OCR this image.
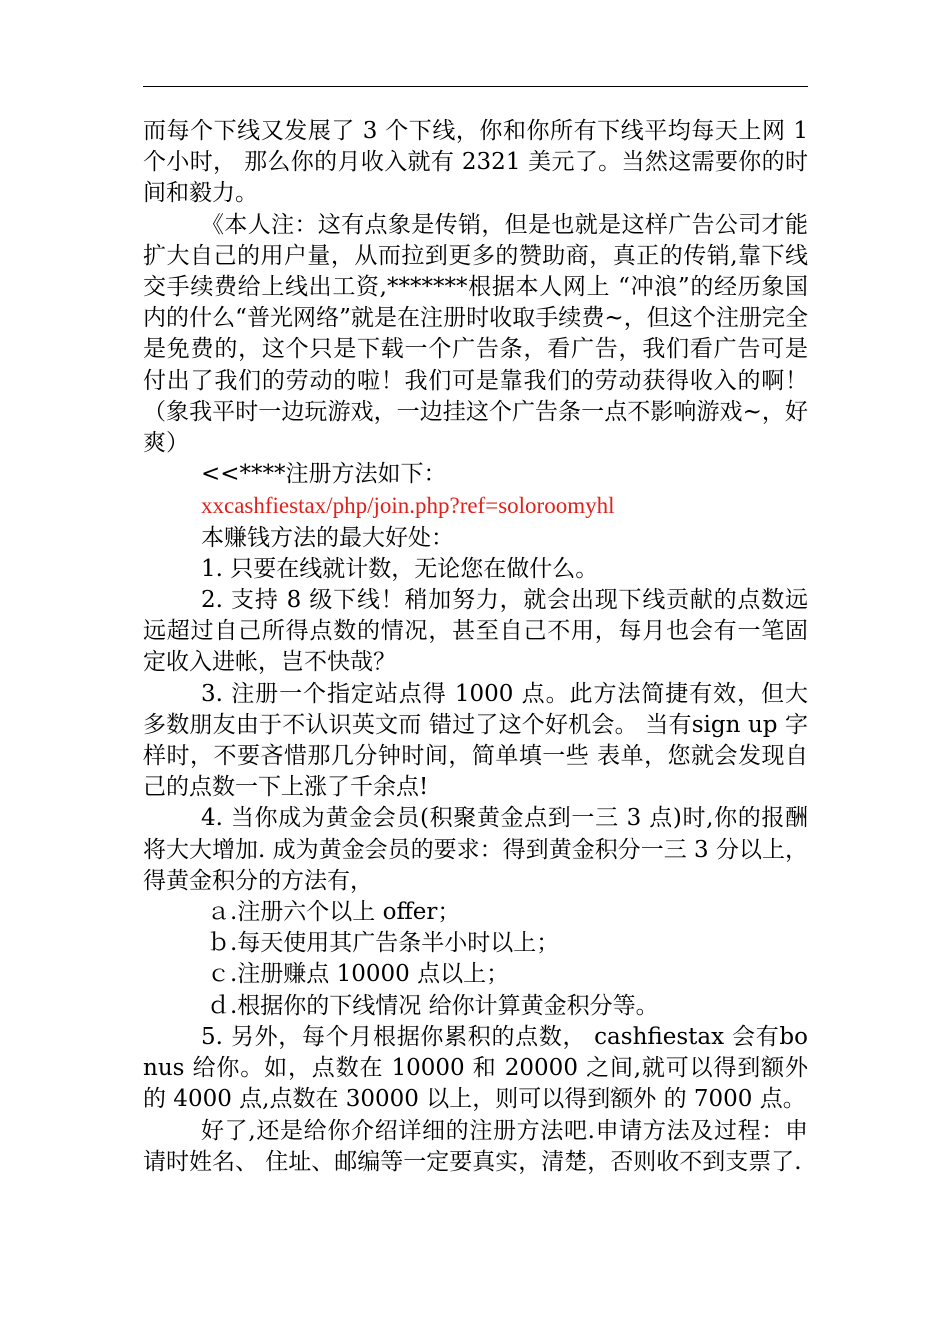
而每个下线又发展了 3 个下线，你和你所有下线平均每天上网 1 个小时， 那么你的月收入就有 2321 美元了。当然这需要你的时间和毅力。

《本人注：这有点象是传销，但是也就是这样广告公司才能扩大自己的用户量，从而拉到更多的赞助商，真正的传销,靠下线交手续费给上线出工资,*******根据本人网上 “冲浪”的经历象国内的什么“普光网络”就是在注册时收取手续费~，但这个注册完全是免费的，这个只是下载一个广告条，看广告，我们看广告可是付出了我们的劳动的啦！我们可是靠我们的劳动获得收入的啊！（象我平时一边玩游戏，一边挂这个广告条一点不影响游戏~，好爽）

<<****注册方法如下：

xxcashfiestax/php/join.php?ref=soloroomyhl

本赚钱方法的最大好处：

1. 只要在线就计数，无论您在做什么。

2. 支持 8 级下线！稍加努力，就会出现下线贡献的点数远远超过自己所得点数的情况，甚至自己不用，每月也会有一笔固定收入进帐，岂不快哉？

3. 注册一个指定站点得 1000 点。此方法简捷有效，但大多数朋友由于不认识英文而 错过了这个好机会。 当有sign up 字样时，不要吝惜那几分钟时间，简单填一些 表单，您就会发现自己的点数一下上涨了千余点!

4. 当你成为黄金会员(积聚黄金点到一三 3 点)时,你的报酬将大大增加. 成为黄金会员的要求：得到黄金积分一三 3 分以上，得黄金积分的方法有，

ａ.注册六个以上 offer；

ｂ.每天使用其广告条半小时以上；

ｃ.注册赚点 10000 点以上；

ｄ.根据你的下线情况 给你计算黄金积分等。

5. 另外，每个月根据你累积的点数， cashfiestax 会有bonus 给你。如，点数在 10000 和 20000 之间,就可以得到额外的 4000 点,点数在 30000 以上，则可以得到额外 的 7000 点。

好了,还是给你介绍详细的注册方法吧.申请方法及过程：申请时姓名、 住址、邮编等一定要真实，清楚，否则收不到支票了.
